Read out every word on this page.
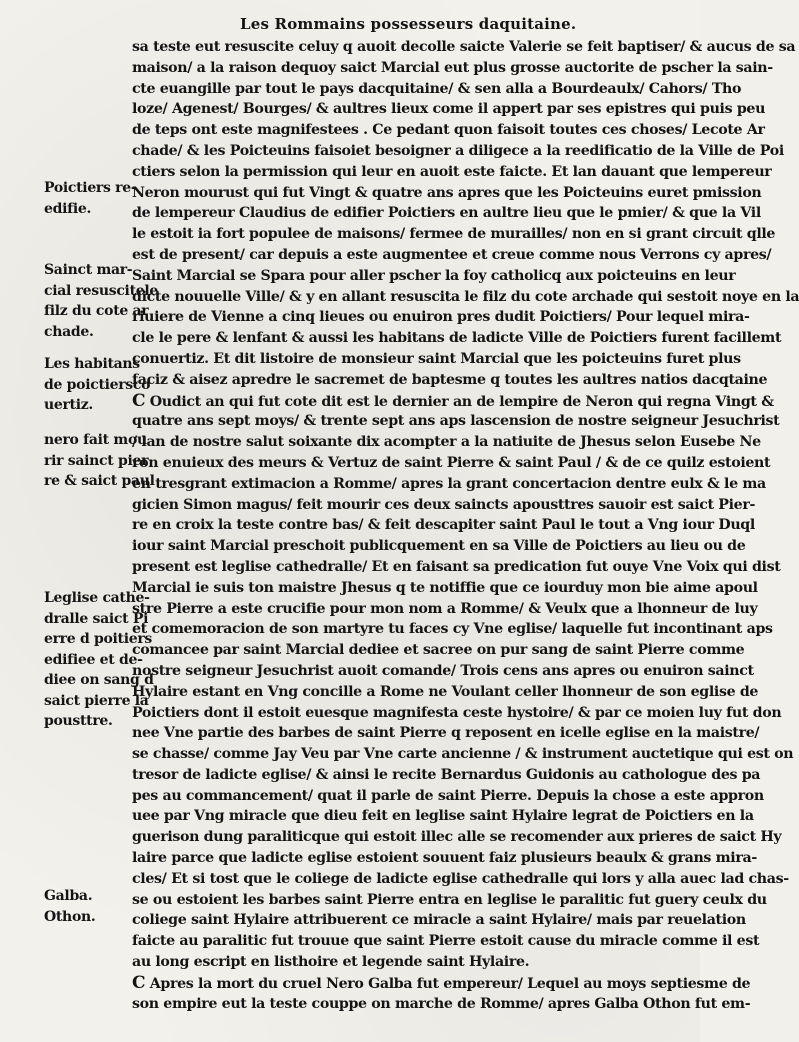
Les Rommains possesseurs daquitaine.
sa teste eut resuscite celuy q auoit decolle saicte Valerie se feit baptiser/ & aucus de sa
maison/ a la raison dequoy saict Marcial eut plus grosse auctorite de pscher la sain-
cte euangille par tout le pays dacquitaine/ & sen alla a Bourdeaulx/ Cahors/ Tho
loze/ Agenest/ Bourges/ & aultres lieux come il appert par ses epistres qui puis peu
de teps ont este magnifestees . Ce pedant quon faisoit toutes ces choses/ Lecote Ar
chade/ & les Poicteuins faisoiet besoigner a diligece a la reedificatio de la Ville de Poi
ctiers selon la permission qui leur en auoit este faicte. Et lan dauant que lempereur
Neron mourust qui fut Vingt & quatre ans apres que les Poicteuins euret pmission
de lempereur Claudius de edifier Poictiers en aultre lieu que le pmier/ & que la Vil
le estoit ia fort populee de maisons/ fermee de murailles/ non en si grant circuit qlle
est de present/ car depuis a este augmentee et creue comme nous Verrons cy apres/
Saint Marcial se Spara pour aller pscher la foy catholicq aux poicteuins en leur
dicte nouuelle Ville/ & y en allant resuscita le filz du cote archade qui sestoit noye en la
riuiere de Vienne a cinq lieues ou enuiron pres dudit Poictiers/ Pour lequel mira-
cle le pere & lenfant & aussi les habitans de ladicte Ville de Poictiers furent facillemt
conuertiz. Et dit listoire de monsieur saint Marcial que les poicteuins furet plus
faciz & aisez apredre le sacremet de baptesme q toutes les aultres natios dacqtaine
C Oudict an qui fut cote dit est le dernier an de lempire de Neron qui regna Vingt &
quatre ans sept moys/ & trente sept ans aps lascension de nostre seigneur Jesuchrist
/ lan de nostre salut soixante dix acompter a la natiuite de Jhesus selon Eusebe Ne
ron enuieux des meurs & Vertuz de saint Pierre & saint Paul / & de ce quilz estoient
en tresgrant extimacion a Romme/ apres la grant concertacion dentre eulx & le ma
gicien Simon magus/ feit mourir ces deux saincts apousttres sauoir est saict Pier-
re en croix la teste contre bas/ & feit descapiter saint Paul le tout a Vng iour Duql
iour saint Marcial preschoit publicquement en sa Ville de Poictiers au lieu ou de
present est leglise cathedralle/ Et en faisant sa predication fut ouye Vne Voix qui dist
Marcial ie suis ton maistre Jhesus q te notiffie que ce iourduy mon bie aime apoul
stre Pierre a este crucifie pour mon nom a Romme/ & Veulx que a lhonneur de luy
et comemoracion de son martyre tu faces cy Vne eglise/ laquelle fut incontinant aps
comancee par saint Marcial dediee et sacree on pur sang de saint Pierre comme
nostre seigneur Jesuchrist auoit comande/ Trois cens ans apres ou enuiron sainct
Hylaire estant en Vng concille a Rome ne Voulant celler lhonneur de son eglise de
Poictiers dont il estoit euesque magnifesta ceste hystoire/ & par ce moien luy fut don
nee Vne partie des barbes de saint Pierre q reposent en icelle eglise en la maistre/
se chasse/ comme Jay Veu par Vne carte ancienne / & instrument auctetique qui est on
tresor de ladicte eglise/ & ainsi le recite Bernardus Guidonis au cathologue des pa
pes au commancement/ quat il parle de saint Pierre. Depuis la chose a este appron
uee par Vng miracle que dieu feit en leglise saint Hylaire legrat de Poictiers en la
guerison dung paraliticque qui estoit illec alle se recomender aux prieres de saict Hy
laire parce que ladicte eglise estoient souuent faiz plusieurs beaulx & grans mira-
cles/ Et si tost que le coliege de ladicte eglise cathedralle qui lors y alla auec lad chas-
se ou estoient les barbes saint Pierre entra en leglise le paralitic fut guery ceulx du
coliege saint Hylaire attribuerent ce miracle a saint Hylaire/ mais par reuelation
faicte au paralitic fut trouue que saint Pierre estoit cause du miracle comme il est
au long escript en listhoire et legende saint Hylaire.
C Apres la mort du cruel Nero Galba fut empereur/ Lequel au moys septiesme de
son empire eut la teste couppe on marche de Romme/ apres Galba Othon fut em-
Poictiers re-
edifie.
Sainct mar-
cial resuscitele
filz du cote ar
chade.
Les habitans
de poictiersco
uertiz.
nero fait mou
rir sainct pier
re & saict paul
Leglise cathe-
dralle saict Pi
erre d poitiers
edifiee et de-
diee on sang d
saict pierre la
pousttre.
Galba.
Othon.
